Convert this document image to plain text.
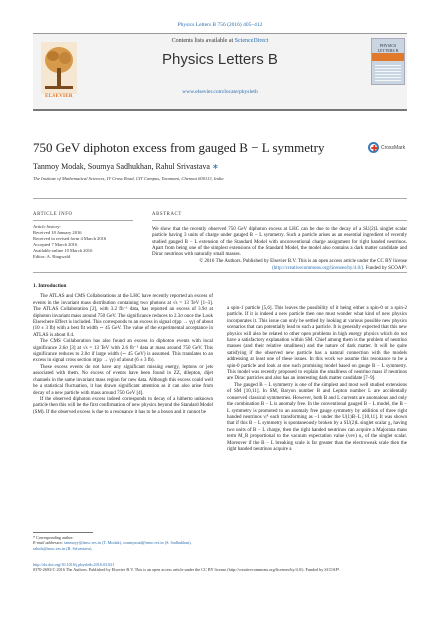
Physics Letters B 756 (2016) 405–412
ELSEVIER
Contents lists available at ScienceDirect
Physics Letters B
www.elsevier.com/locate/physletb
PHYSICS LETTERS B
750 GeV diphoton excess from gauged B − L symmetry	✚ CrossMark
Tanmoy Modak, Soumya Sadhukhan, Rahul Srivastava ∗
The Institute of Mathematical Sciences, IV Cross Road, CIT Campus, Taramani, Chennai 600113, India
ARTICLE INFO
Article history:
Received 18 January 2016
Received in revised form 4 March 2016
Accepted 7 March 2016
Available online 10 March 2016
Editor: A. Ringwald
ABSTRACT

We show that the recently observed 750 GeV diphoton excess at LHC can be due to the decay of a SU(2)L singlet scalar particle having 3 units of charge under gauged B − L symmetry. Such a particle arises as an essential ingredient of recently studied gauged B − L extension of the Standard Model with unconventional charge assignment for right handed neutrinos. Apart from being one of the simplest extensions of the Standard Model, the model also contains a dark matter candidate and Dirac neutrinos with naturally small masses.

© 2016 The Authors. Published by Elsevier B.V. This is an open access article under the CC BY license (http://creativecommons.org/licenses/by/4.0/). Funded by SCOAP³.

1. Introduction

The ATLAS and CMS Collaborations at the LHC have recently reported an excess of events in the invariant mass distribution containing two photons at √s = 13 TeV [1–3]. The ATLAS Collaboration [2], with 3.2 fb⁻¹ data, has reported an excess of 3.9σ at diphoton invariant mass around 750 GeV. The significance reduces to 2.3σ once the Look Elsewhere Effect is included. This corresponds to an excess in signal σ(pp → γγ) of about (10 ± 3 fb) with a best fit width ∼ 45 GeV. The value of the experimental acceptance in ATLAS is about 0.4.

The CMS Collaboration has also found an excess in diphoton events with local significance 2.6σ [3] at √s = 13 TeV with 2.6 fb⁻¹ data at mass around 750 GeV. This significance reduces to 2.0σ if large width (∼ 45 GeV) is assumed. This translates to an excess in signal cross section σ(pp → γγ) of about (6 ± 3 fb).

These excess events do not have any significant missing energy, leptons or jets associated with them. No excess of events have been found in ZZ, dilepton, dijet channels in the same invariant mass region for new data. Although this excess could well be a statistical fluctuation, it has drawn significant attention as it can also arise from decay of a new particle with mass around 750 GeV [4].

If the observed diphoton excess indeed corresponds to decay of a hitherto unknown particle then this will be the first confirmation of new physics beyond the Standard Model (SM). If the observed excess is due to a resonance it has to be a boson and it cannot be

a spin-1 particle [5,6]. This leaves the possibility of it being either a spin-0 or a spin-2 particle. If it is indeed a new particle then one must wonder what kind of new physics incorporates it. This issue can only be settled by looking at various possible new physics scenarios that can potentially lead to such a particle. It is generally expected that this new physics will also be related to other open problems in high energy physics which do not have a satisfactory explanation within SM. Chief among them is the problem of neutrino masses (and their relative smallness) and the nature of dark matter. It will be quite satisfying if the observed new particle has a natural connection with the models addressing at least one of these issues. In this work we assume this resonance to be a spin-0 particle and look at one such promising model based on gauge B − L symmetry. This model was recently proposed to explain the smallness of neutrino mass if neutrinos are Dirac particles and also has an interesting dark matter candidate [7–9].

The gauged B − L symmetry is one of the simplest and most well studied extensions of SM [10,11]. In SM, Baryon number B and Lepton number L are accidentally conserved classical symmetries. However, both B and L currents are anomalous and only the combination B − L is anomaly free. In the conventional gauged B − L model, the B − L symmetry is promoted to an anomaly free gauge symmetry by addition of three right handed neutrinos νᵢᴿ each transforming as −1 under the U(1)B−L [10,11]. It was shown that if this B − L symmetry is spontaneously broken by a SU(2)L singlet scalar χ₂ having two units of B − L charge, then the right handed neutrinos can acquire a Majorana mass term M_R proportional to the vacuum expectation value (vev) u₂ of the singlet scalar. Moreover if the B − L breaking scale is far greater than the electroweak scale then the right handed neutrinos acquire a

* Corresponding author.
E-mail addresses: tanmoyy@imsc.res.in (T. Modak), soumyasad@imsc.res.in (S. Sadhukhan), rahuls@imsc.res.in (R. Srivastava).
http://dx.doi.org/10.1016/j.physletb.2016.03.021
0370-2693/© 2016 The Authors. Published by Elsevier B.V. This is an open access article under the CC BY license (http://creativecommons.org/licenses/by/4.0/). Funded by SCOAP³.
